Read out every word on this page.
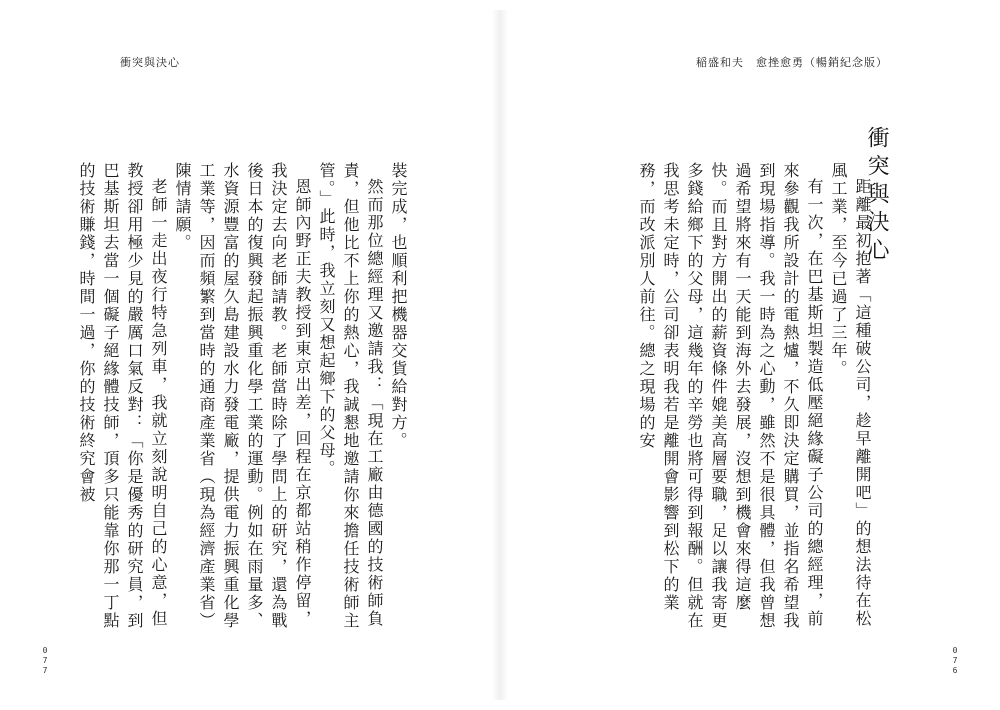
衝突與決心
裝完成，也順利把機器交貨給對方。
然而那位總經理又邀請我：「現在工廠由德國的技術師負責，但他比不上你的熱心，我誠懇地邀請你來擔任技術師主管。」此時，我立刻又想起鄉下的父母。
恩師內野正夫教授到東京出差，回程在京都站稍作停留，我決定去向老師請教。老師當時除了學問上的研究，還為戰後日本的復興發起振興重化學工業的運動。例如在雨量多、水資源豐富的屋久島建設水力發電廠，提供電力振興重化學工業等，因而頻繁到當時的通商產業省（現為經濟產業省）陳情請願。
老師一走出夜行特急列車，我就立刻說明自己的心意，但教授卻用極少見的嚴厲口氣反對：「你是優秀的研究員，到巴基斯坦去當一個礙子絕緣體技師，頂多只能靠你那一丁點的技術賺錢，時間一過，你的技術終究會被
0
7
7
稲盛和夫　愈挫愈勇（暢銷紀念版）
衝突與決心
距離最初抱著「這種破公司，趁早離開吧」的想法待在松風工業，至今已過了三年。
有一次，在巴基斯坦製造低壓絕緣礙子公司的總經理，前來參觀我所設計的電熱爐，不久即決定購買，並指名希望我到現場指導。我一時為之心動，雖然不是很具體，但我曾想過希望將來有一天能到海外去發展，沒想到機會來得這麼快。而且對方開出的薪資條件媲美高層要職，足以讓我寄更多錢給鄉下的父母，這幾年的辛勞也將可得到報酬。但就在我思考未定時，公司卻表明我若是離開會影響到松下的業務，而改派別人前往。總之現場的安
0
7
6
